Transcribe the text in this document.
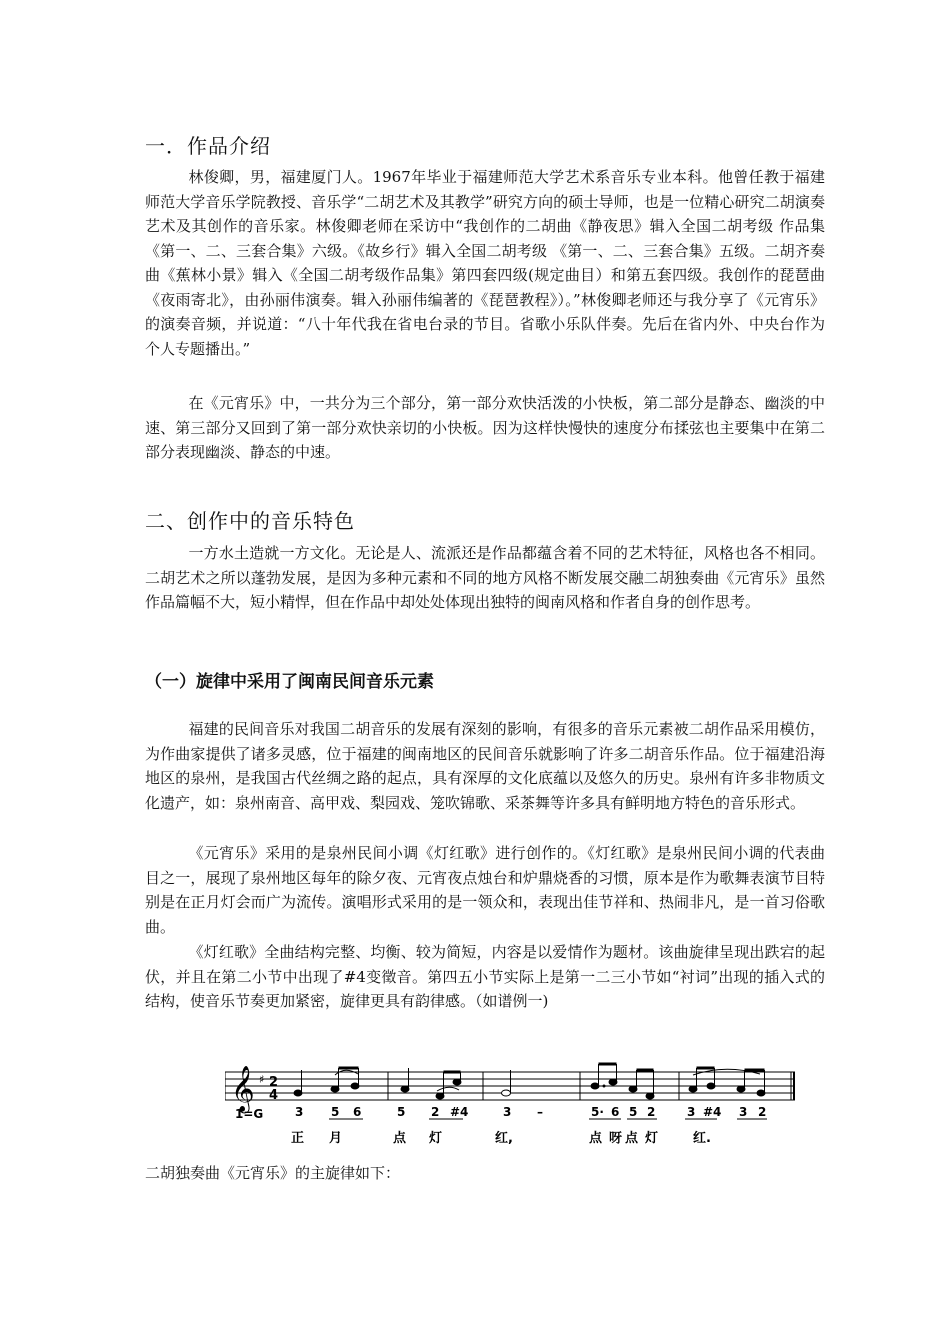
一．作品介绍

林俊卿，男，福建厦门人。1967年毕业于福建师范大学艺术系音乐专业本科。他曾任教于福建师范大学音乐学院教授、音乐学“二胡艺术及其教学”研究方向的硕士导师，也是一位精心研究二胡演奏艺术及其创作的音乐家。林俊卿老师在采访中“我创作的二胡曲《静夜思》辑入全国二胡考级 作品集《第一、二、三套合集》六级。《故乡行》辑入全国二胡考级 《第一、二、三套合集》五级。二胡齐奏曲《蕉林小景》辑入《全国二胡考级作品集》第四套四级(规定曲目）和第五套四级。我创作的琵琶曲《夜雨寄北》，由孙丽伟演奏。辑入孙丽伟编著的《琵琶教程》）。”林俊卿老师还与我分享了《元宵乐》的演奏音频，并说道：“八十年代我在省电台录的节目。省歌小乐队伴奏。先后在省内外、中央台作为个人专题播出。”

在《元宵乐》中，一共分为三个部分，第一部分欢快活泼的小快板，第二部分是静态、幽淡的中速、第三部分又回到了第一部分欢快亲切的小快板。因为这样快慢快的速度分布揉弦也主要集中在第二部分表现幽淡、静态的中速。

二、创作中的音乐特色

一方水土造就一方文化。无论是人、流派还是作品都蕴含着不同的艺术特征，风格也各不相同。二胡艺术之所以蓬勃发展，是因为多种元素和不同的地方风格不断发展交融二胡独奏曲《元宵乐》虽然作品篇幅不大，短小精悍，但在作品中却处处体现出独特的闽南风格和作者自身的创作思考。

（一）旋律中采用了闽南民间音乐元素

福建的民间音乐对我国二胡音乐的发展有深刻的影响，有很多的音乐元素被二胡作品采用模仿，为作曲家提供了诸多灵感，位于福建的闽南地区的民间音乐就影响了许多二胡音乐作品。位于福建沿海地区的泉州，是我国古代丝绸之路的起点，具有深厚的文化底蕴以及悠久的历史。泉州有许多非物质文化遗产，如：泉州南音、高甲戏、梨园戏、笼吹锦歌、采茶舞等许多具有鲜明地方特色的音乐形式。

《元宵乐》采用的是泉州民间小调《灯红歌》进行创作的。《灯红歌》是泉州民间小调的代表曲目之一，展现了泉州地区每年的除夕夜、元宵夜点烛台和炉鼎烧香的习惯，原本是作为歌舞表演节目特别是在正月灯会而广为流传。演唱形式采用的是一领众和，表现出佳节祥和、热闹非凡，是一首习俗歌曲。

《灯红歌》全曲结构完整、均衡、较为简短，内容是以爱情作为题材。该曲旋律呈现出跌宕的起伏，并且在第二小节中出现了#4变徵音。第四五小节实际上是第一二三小节如“衬词”出现的插入式的结构，使音乐节奏更加紧密，旋律更具有韵律感。（如谱例一)

𝄞 2
4
♯
1=G	3 5 6	5 2 #4	3 –	5· 6 5 2	3 #4 3 2
正 月	点 灯	红,	点 呀 点 灯	红.

二胡独奏曲《元宵乐》的主旋律如下：
